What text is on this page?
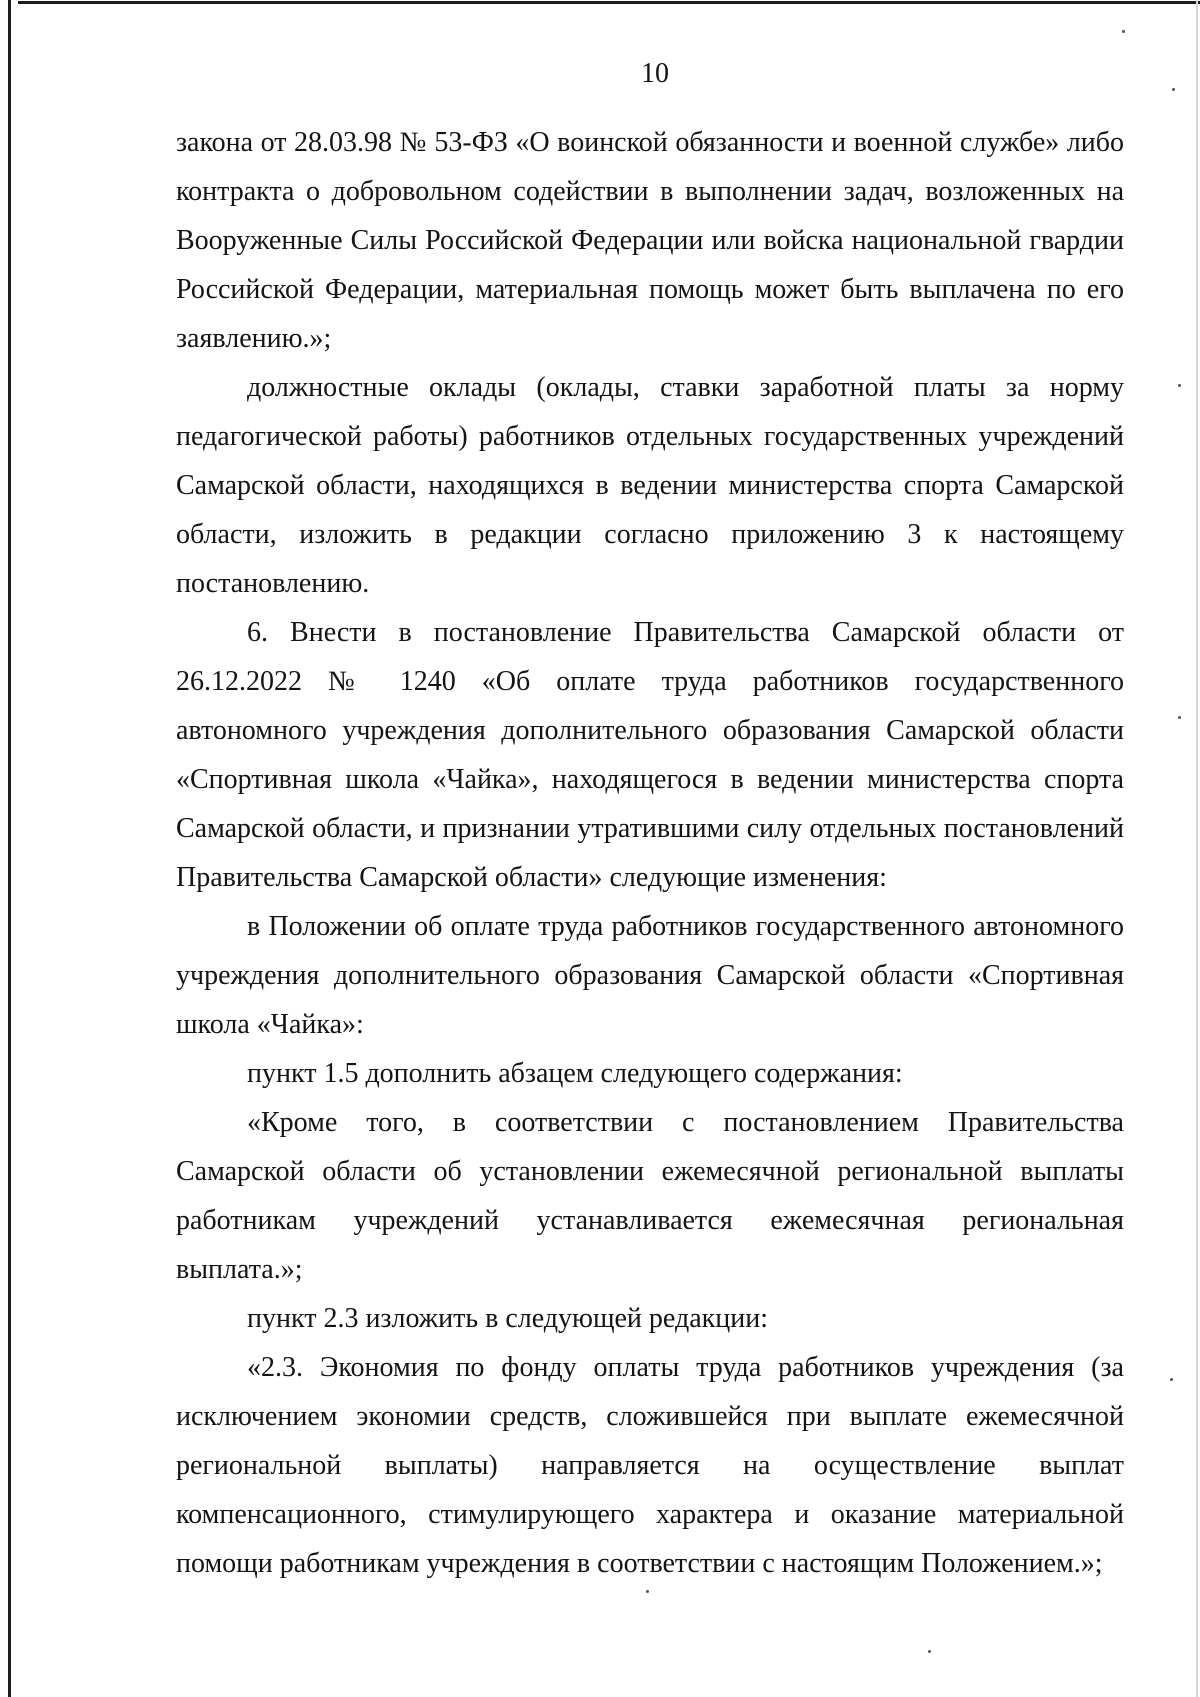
10

закона от 28.03.98 № 53-ФЗ «О воинской обязанности и военной службе» либо контракта о добровольном содействии в выполнении задач, возложенных на Вооруженные Силы Российской Федерации или войска национальной гвардии Российской Федерации, материальная помощь может быть выплачена по его заявлению.»;

должностные оклады (оклады, ставки заработной платы за норму педагогической работы) работников отдельных государственных учреждений Самарской области, находящихся в ведении министерства спорта Самарской области, изложить в редакции согласно приложению 3 к настоящему постановлению.

6. Внести в постановление Правительства Самарской области от 26.12.2022 № 1240 «Об оплате труда работников государственного автономного учреждения дополнительного образования Самарской области «Спортивная школа «Чайка», находящегося в ведении министерства спорта Самарской области, и признании утратившими силу отдельных постановлений Правительства Самарской области» следующие изменения:

в Положении об оплате труда работников государственного автономного учреждения дополнительного образования Самарской области «Спортивная школа «Чайка»:

пункт 1.5 дополнить абзацем следующего содержания:

«Кроме того, в соответствии с постановлением Правительства Самарской области об установлении ежемесячной региональной выплаты работникам учреждений устанавливается ежемесячная региональная выплата.»;

пункт 2.3 изложить в следующей редакции:

«2.3. Экономия по фонду оплаты труда работников учреждения (за исключением экономии средств, сложившейся при выплате ежемесячной региональной выплаты) направляется на осуществление выплат компенсационного, стимулирующего характера и оказание материальной помощи работникам учреждения в соответствии с настоящим Положением.»;
